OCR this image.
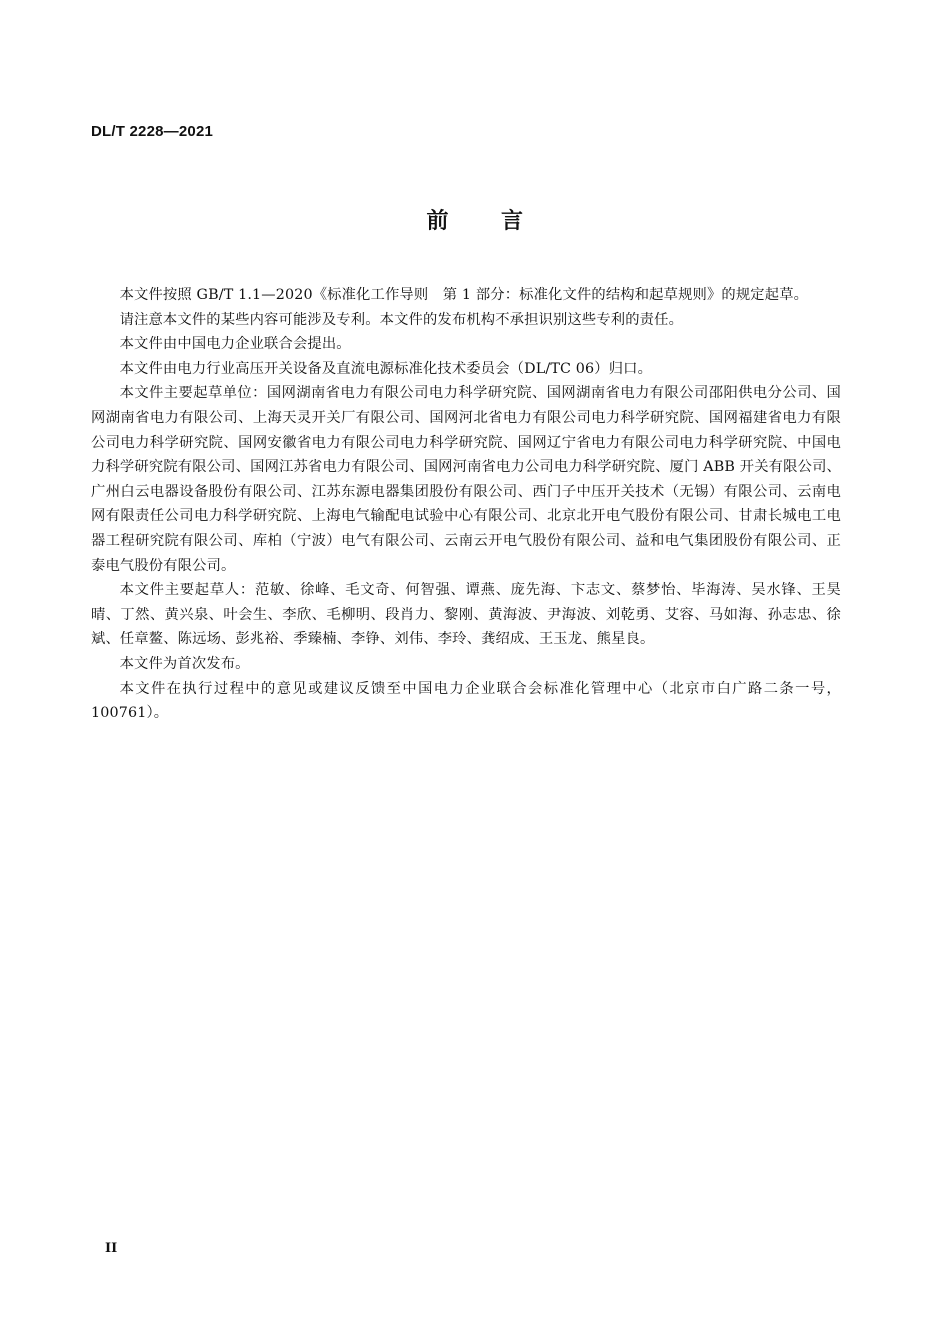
DL/T 2228—2021
前 言

本文件按照 GB/T 1.1—2020《标准化工作导则　第 1 部分：标准化文件的结构和起草规则》的规定起草。

请注意本文件的某些内容可能涉及专利。本文件的发布机构不承担识别这些专利的责任。

本文件由中国电力企业联合会提出。

本文件由电力行业高压开关设备及直流电源标准化技术委员会（DL/TC 06）归口。

本文件主要起草单位：国网湖南省电力有限公司电力科学研究院、国网湖南省电力有限公司邵阳供电分公司、国网湖南省电力有限公司、上海天灵开关厂有限公司、国网河北省电力有限公司电力科学研究院、国网福建省电力有限公司电力科学研究院、国网安徽省电力有限公司电力科学研究院、国网辽宁省电力有限公司电力科学研究院、中国电力科学研究院有限公司、国网江苏省电力有限公司、国网河南省电力公司电力科学研究院、厦门 ABB 开关有限公司、广州白云电器设备股份有限公司、江苏东源电器集团股份有限公司、西门子中压开关技术（无锡）有限公司、云南电网有限责任公司电力科学研究院、上海电气输配电试验中心有限公司、北京北开电气股份有限公司、甘肃长城电工电器工程研究院有限公司、库柏（宁波）电气有限公司、云南云开电气股份有限公司、益和电气集团股份有限公司、正泰电气股份有限公司。

本文件主要起草人：范敏、徐峰、毛文奇、何智强、谭燕、庞先海、卞志文、蔡梦怡、毕海涛、吴水锋、王昊晴、丁然、黄兴泉、叶会生、李欣、毛柳明、段肖力、黎刚、黄海波、尹海波、刘乾勇、艾容、马如海、孙志忠、徐斌、任章鳌、陈远场、彭兆裕、季臻楠、李铮、刘伟、李玲、龚绍成、王玉龙、熊星良。

本文件为首次发布。

本文件在执行过程中的意见或建议反馈至中国电力企业联合会标准化管理中心（北京市白广路二条一号，100761）。

II
